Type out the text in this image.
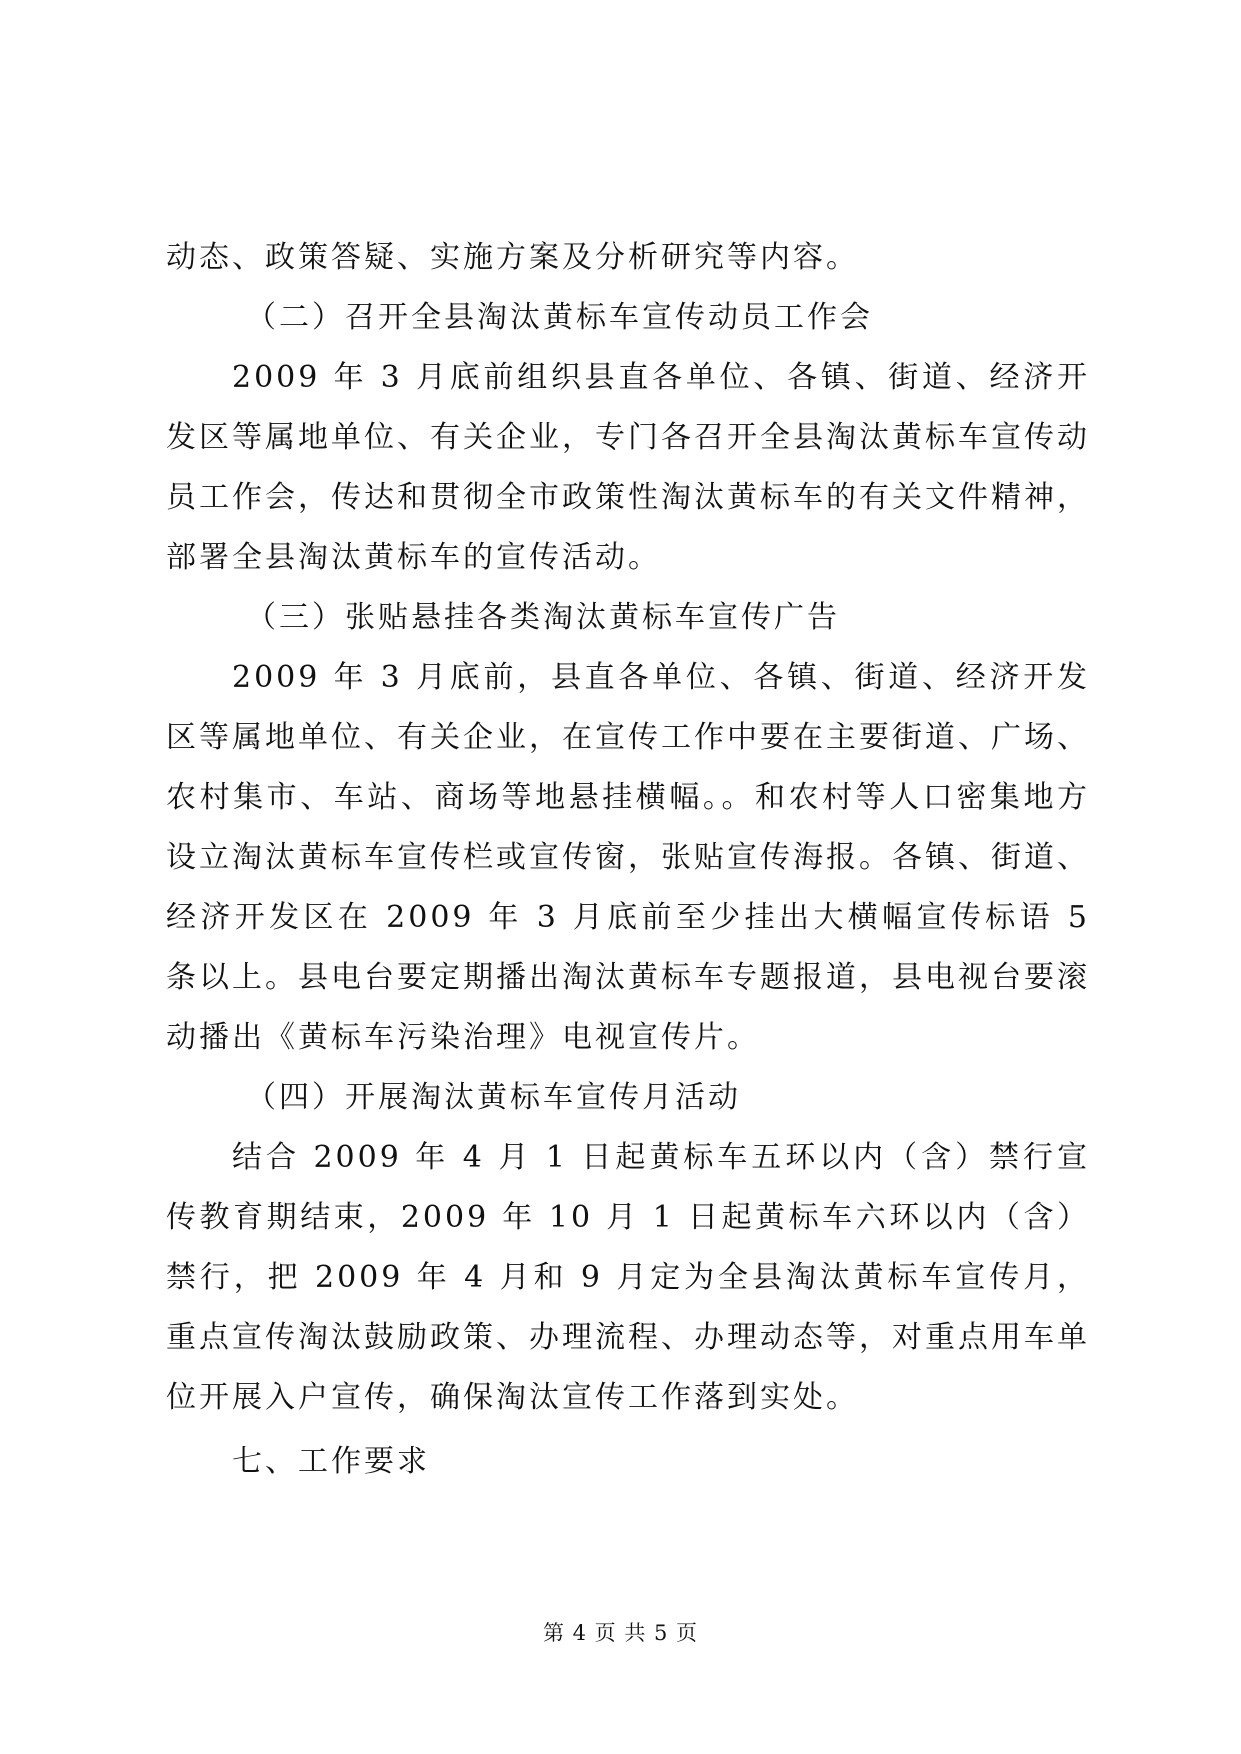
动态、政策答疑、实施方案及分析研究等内容。

（二）召开全县淘汰黄标车宣传动员工作会

2009 年 3 月底前组织县直各单位、各镇、街道、经济开发区等属地单位、有关企业，专门各召开全县淘汰黄标车宣传动员工作会，传达和贯彻全市政策性淘汰黄标车的有关文件精神，部署全县淘汰黄标车的宣传活动。

（三）张贴悬挂各类淘汰黄标车宣传广告

2009 年 3 月底前，县直各单位、各镇、街道、经济开发区等属地单位、有关企业，在宣传工作中要在主要街道、广场、农村集市、车站、商场等地悬挂横幅。。和农村等人口密集地方设立淘汰黄标车宣传栏或宣传窗，张贴宣传海报。各镇、街道、经济开发区在 2009 年 3 月底前至少挂出大横幅宣传标语 5 条以上。县电台要定期播出淘汰黄标车专题报道，县电视台要滚动播出《黄标车污染治理》电视宣传片。

（四）开展淘汰黄标车宣传月活动

结合 2009 年 4 月 1 日起黄标车五环以内（含）禁行宣传教育期结束，2009 年 10 月 1 日起黄标车六环以内（含）禁行，把 2009 年 4 月和 9 月定为全县淘汰黄标车宣传月，重点宣传淘汰鼓励政策、办理流程、办理动态等，对重点用车单位开展入户宣传，确保淘汰宣传工作落到实处。

七、工作要求

第 4 页 共 5 页
